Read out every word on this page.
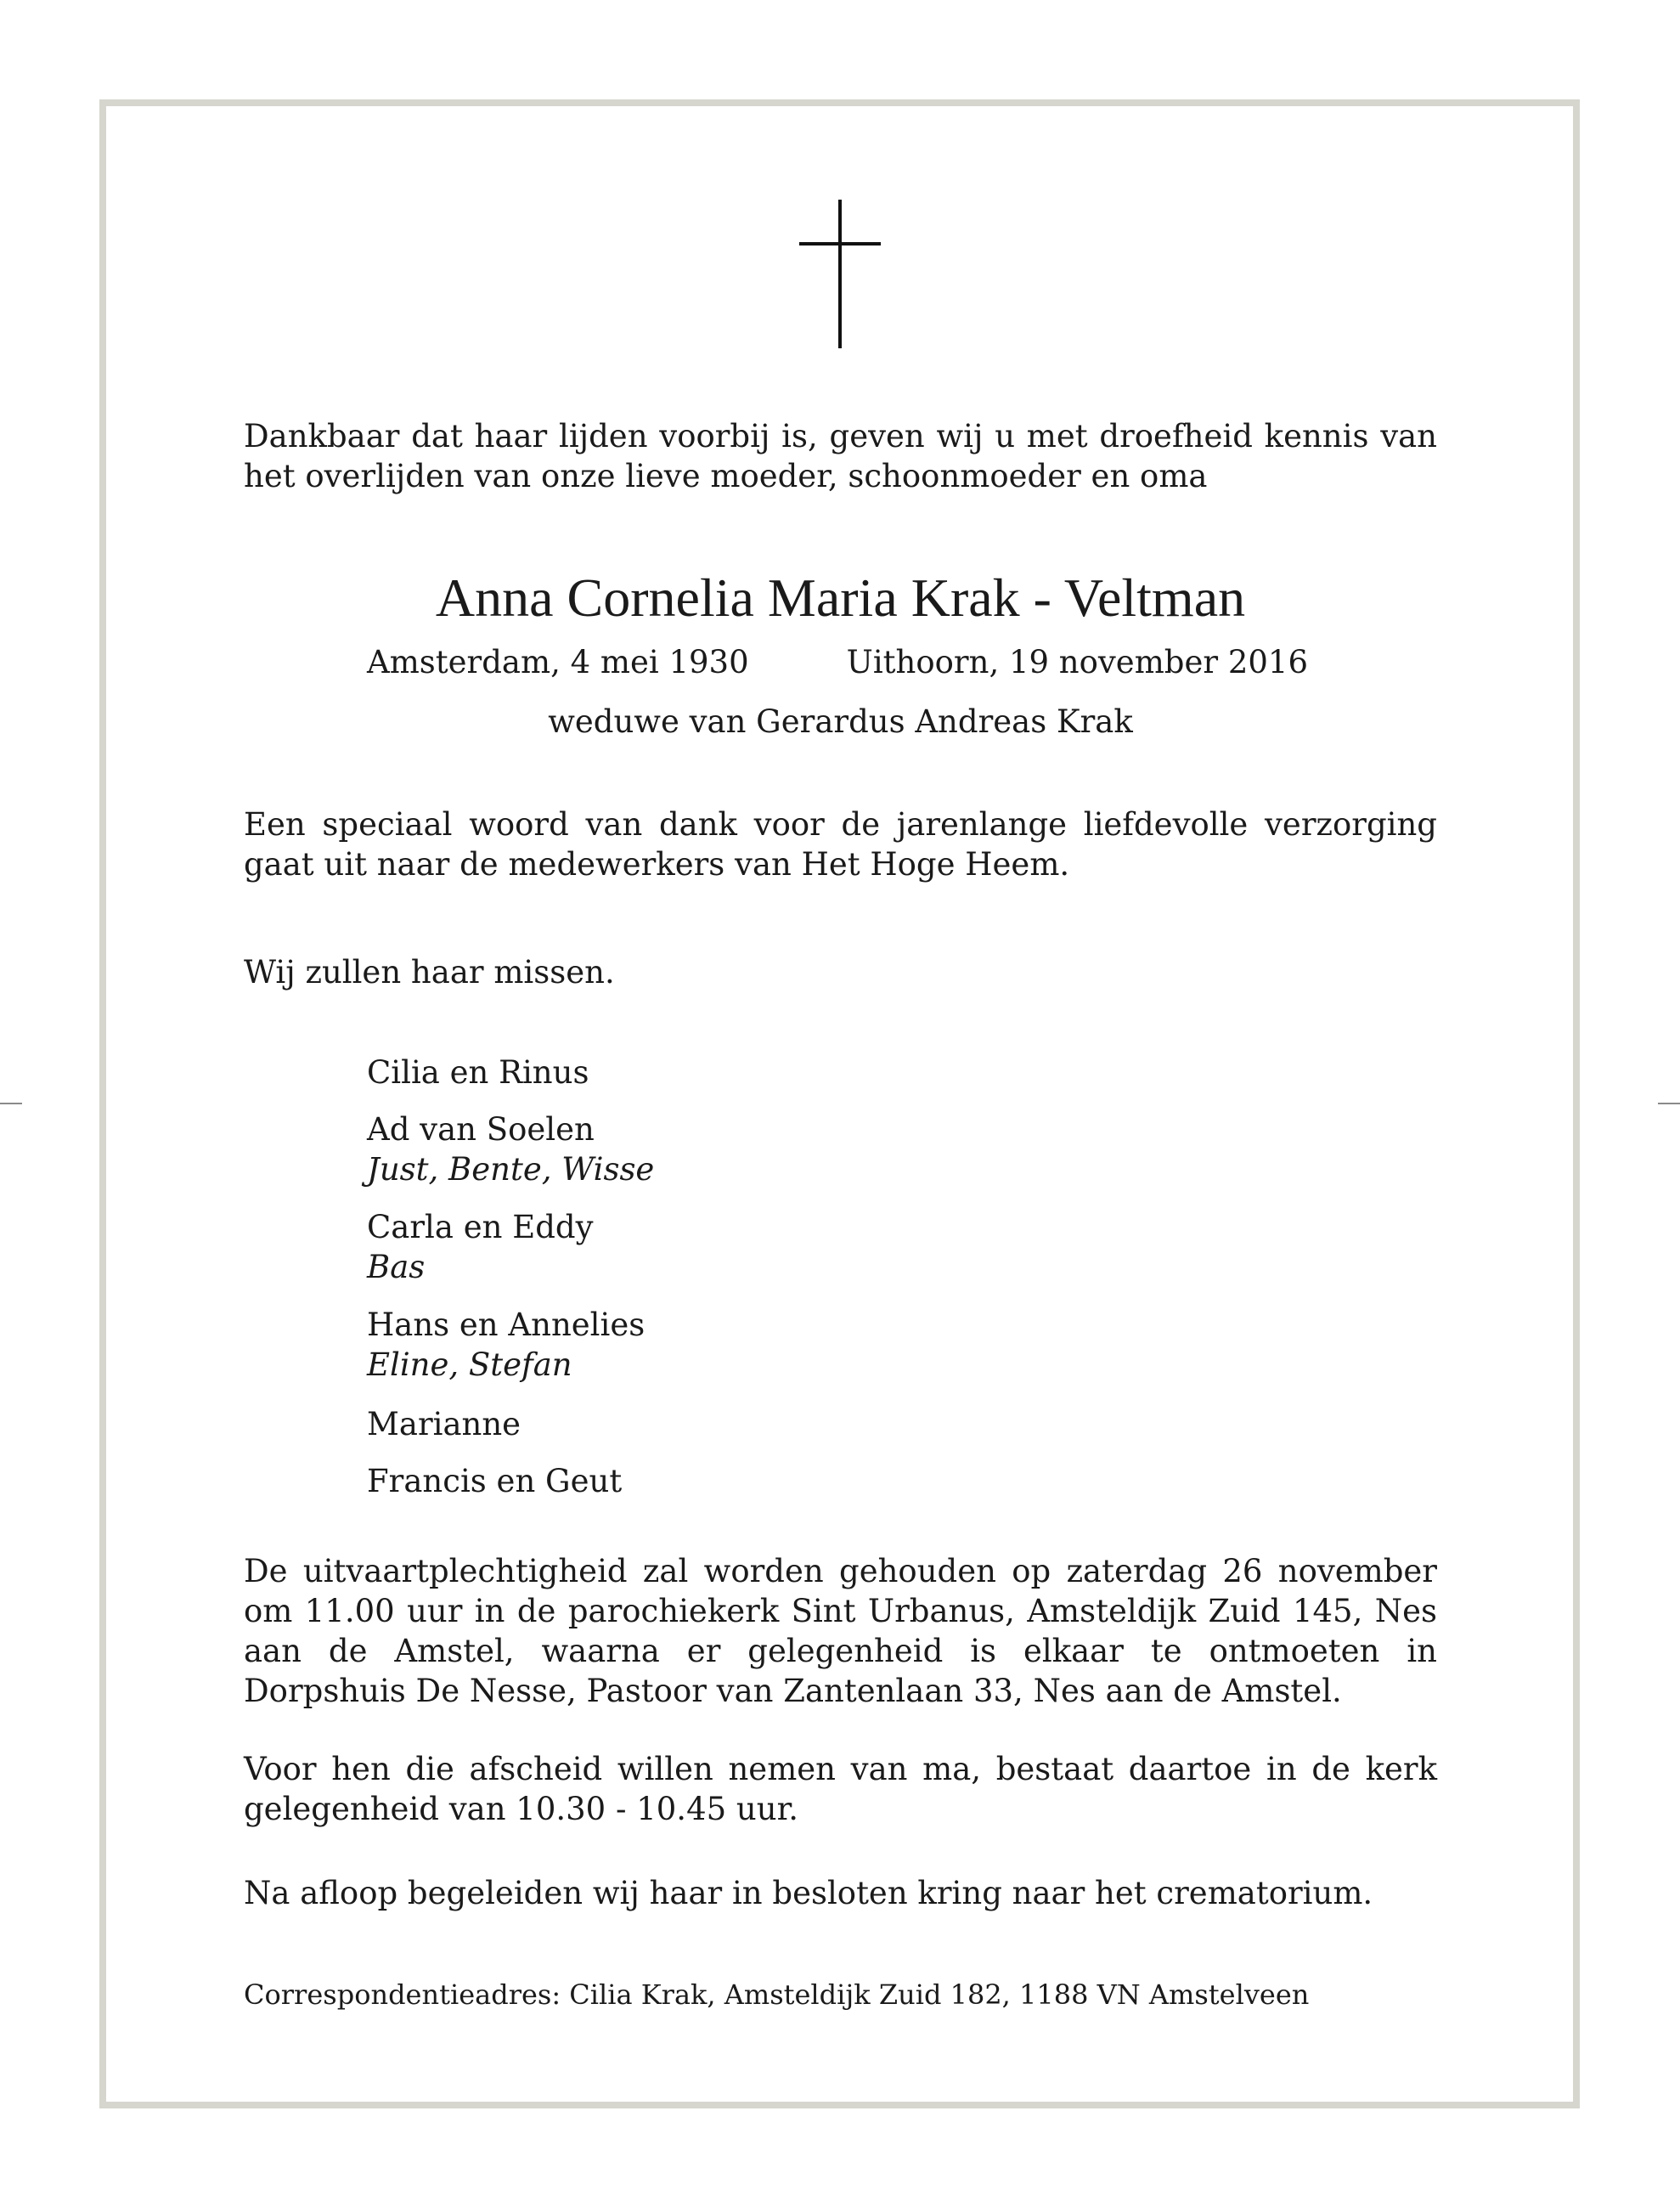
Dankbaar dat haar lijden voorbij is, geven wij u met droefheid kennis van het overlijden van onze lieve moeder, schoonmoeder en oma

Anna Cornelia Maria Krak - Veltman
Amsterdam, 4 mei 1930	Uithoorn, 19 november 2016
weduwe van Gerardus Andreas Krak

Een speciaal woord van dank voor de jarenlange liefdevolle verzorging gaat uit naar de medewerkers van Het Hoge Heem.

Wij zullen haar missen.

Cilia en Rinus
Ad van Soelen
Just, Bente, Wisse
Carla en Eddy
Bas
Hans en Annelies
Eline, Stefan
Marianne
Francis en Geut

De uitvaartplechtigheid zal worden gehouden op zaterdag 26 november om 11.00 uur in de parochiekerk Sint Urbanus, Amsteldijk Zuid 145, Nes aan de Amstel, waarna er gelegenheid is elkaar te ontmoeten in Dorpshuis De Nesse, Pastoor van Zantenlaan 33, Nes aan de Amstel.

Voor hen die afscheid willen nemen van ma, bestaat daartoe in de kerk gelegenheid van 10.30 - 10.45 uur.

Na afloop begeleiden wij haar in besloten kring naar het crematorium.

Correspondentieadres: Cilia Krak, Amsteldijk Zuid 182, 1188 VN Amstelveen
